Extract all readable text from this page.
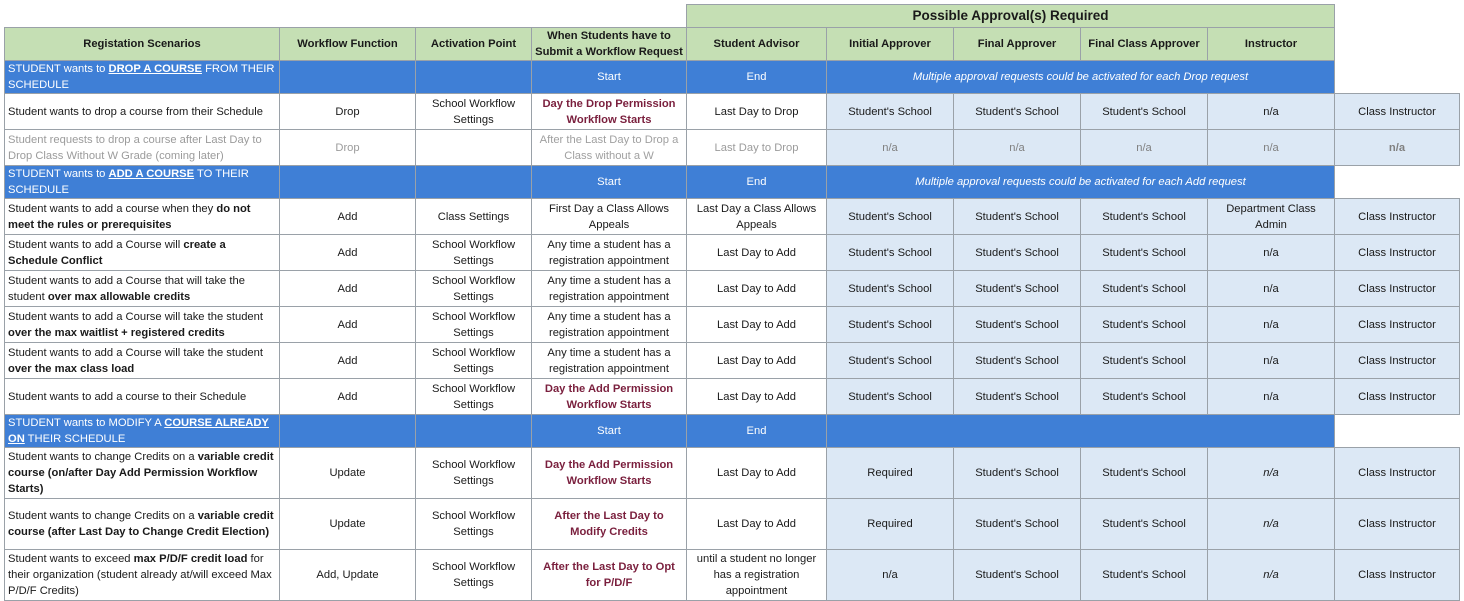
				Possible Approval(s) Required					
Registation Scenarios	Workflow Function	Activation Point	When Students have to Submit a Workflow Request	Student Advisor	Initial Approver	Final Approver	Final Class Approver	Instructor	
STUDENT wants to DROP A COURSE FROM THEIR SCHEDULE			Start	End	Multiple approval requests could be activated for each Drop request				
Student wants to drop a course from their Schedule	Drop	School Workflow Settings	Day the Drop Permission Workflow Starts	Last Day to Drop	Student's School	Student's School	Student's School	n/a	Class Instructor
Student requests to drop a course after Last Day to Drop Class Without W Grade (coming later)	Drop		After the Last Day to Drop a Class without a W	Last Day to Drop	n/a	n/a	n/a	n/a	n/a
STUDENT wants to ADD A COURSE TO THEIR SCHEDULE			Start	End	Multiple approval requests could be activated for each Add request				
Student wants to add a course when they do not meet the rules or prerequisites	Add	Class Settings	First Day a Class Allows Appeals	Last Day a Class Allows Appeals	Student's School	Student's School	Student's School	Department Class Admin	Class Instructor
Student wants to add a Course will create a Schedule Conflict	Add	School Workflow Settings	Any time a student has a registration appointment	Last Day to Add	Student's School	Student's School	Student's School	n/a	Class Instructor
Student wants to add a Course that will take the student over max allowable credits	Add	School Workflow Settings	Any time a student has a registration appointment	Last Day to Add	Student's School	Student's School	Student's School	n/a	Class Instructor
Student wants to add a Course will take the student over the max waitlist + registered credits	Add	School Workflow Settings	Any time a student has a registration appointment	Last Day to Add	Student's School	Student's School	Student's School	n/a	Class Instructor
Student wants to add a Course will take the student over the max class load	Add	School Workflow Settings	Any time a student has a registration appointment	Last Day to Add	Student's School	Student's School	Student's School	n/a	Class Instructor
Student wants to add a course to their Schedule	Add	School Workflow Settings	Day the Add Permission Workflow Starts	Last Day to Add	Student's School	Student's School	Student's School	n/a	Class Instructor
STUDENT wants to MODIFY A COURSE ALREADY ON THEIR SCHEDULE			Start	End					
Student wants to change Credits on a variable credit course (on/after Day Add Permission Workflow Starts)	Update	School Workflow Settings	Day the Add Permission Workflow Starts	Last Day to Add	Required	Student's School	Student's School	n/a	Class Instructor
Student wants to change Credits on a variable credit course (after Last Day to Change Credit Election)	Update	School Workflow Settings	After the Last Day to Modify Credits	Last Day to Add	Required	Student's School	Student's School	n/a	Class Instructor
Student wants to exceed max P/D/F credit load for their organization (student already at/will exceed Max P/D/F Credits)	Add, Update	School Workflow Settings	After the Last Day to Opt for P/D/F	until a student no longer has a registration appointment	n/a	Student's School	Student's School	n/a	Class Instructor
